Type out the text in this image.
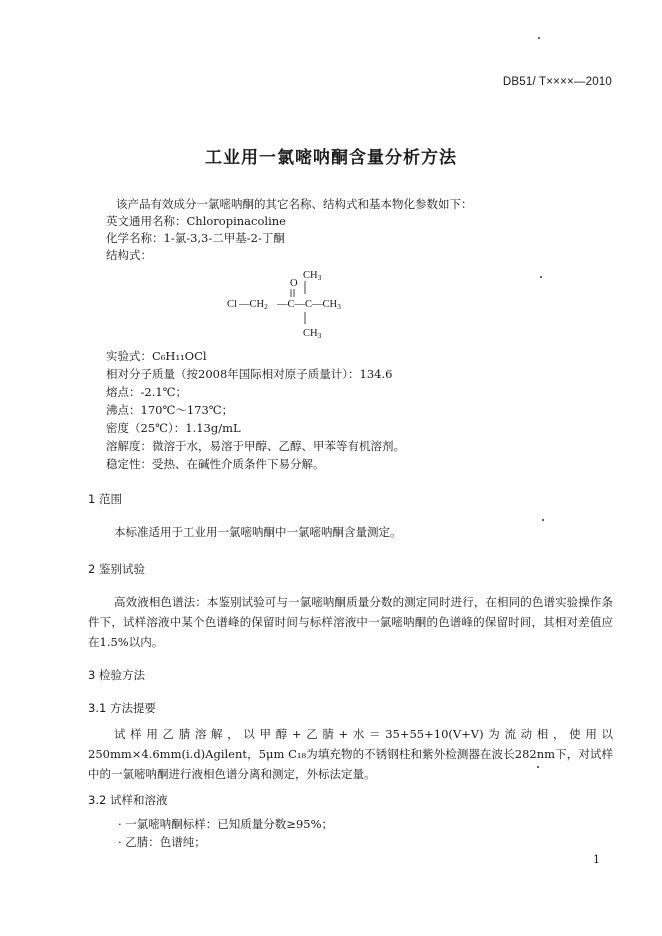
DB51/ T××××—2010
工业用一氯嘧呐酮含量分析方法
该产品有效成分一氯嘧呐酮的其它名称、结构式和基本物化参数如下：
英文通用名称：Chloropinacoline
化学名称：1-氯-3,3-二甲基-2-丁酮
结构式：
CH3
O
Cl —CH2 —C—C—CH3
CH3
实验式：C₆H₁₁OCl
相对分子质量（按2008年国际相对原子质量计）：134.6
熔点：-2.1℃；
沸点：170℃～173℃；
密度（25℃）：1.13g/mL
溶解度：微溶于水，易溶于甲醇、乙醇、甲苯等有机溶剂。
稳定性：受热、在碱性介质条件下易分解。
1 范围
本标准适用于工业用一氯嘧呐酮中一氯嘧呐酮含量测定。
2 鉴别试验
高效液相色谱法：本鉴别试验可与一氯嘧呐酮质量分数的测定同时进行，在相同的色谱实验操作条件下，试样溶液中某个色谱峰的保留时间与标样溶液中一氯嘧呐酮的色谱峰的保留时间，其相对差值应在1.5%以内。
3 检验方法
3.1 方法提要
试样用乙腈溶解，以甲醇+乙腈+水＝35+55+10(V+V)为流动相，使用以250mm×4.6mm(i.d)Agilent，5μm C₁₈为填充物的不锈钢柱和紫外检测器在波长282nm下，对试样中的一氯嘧呐酮进行液相色谱分离和测定，外标法定量。
3.2 试样和溶液
· 一氯嘧呐酮标样：已知质量分数≥95%；
· 乙腈：色谱纯；
1
